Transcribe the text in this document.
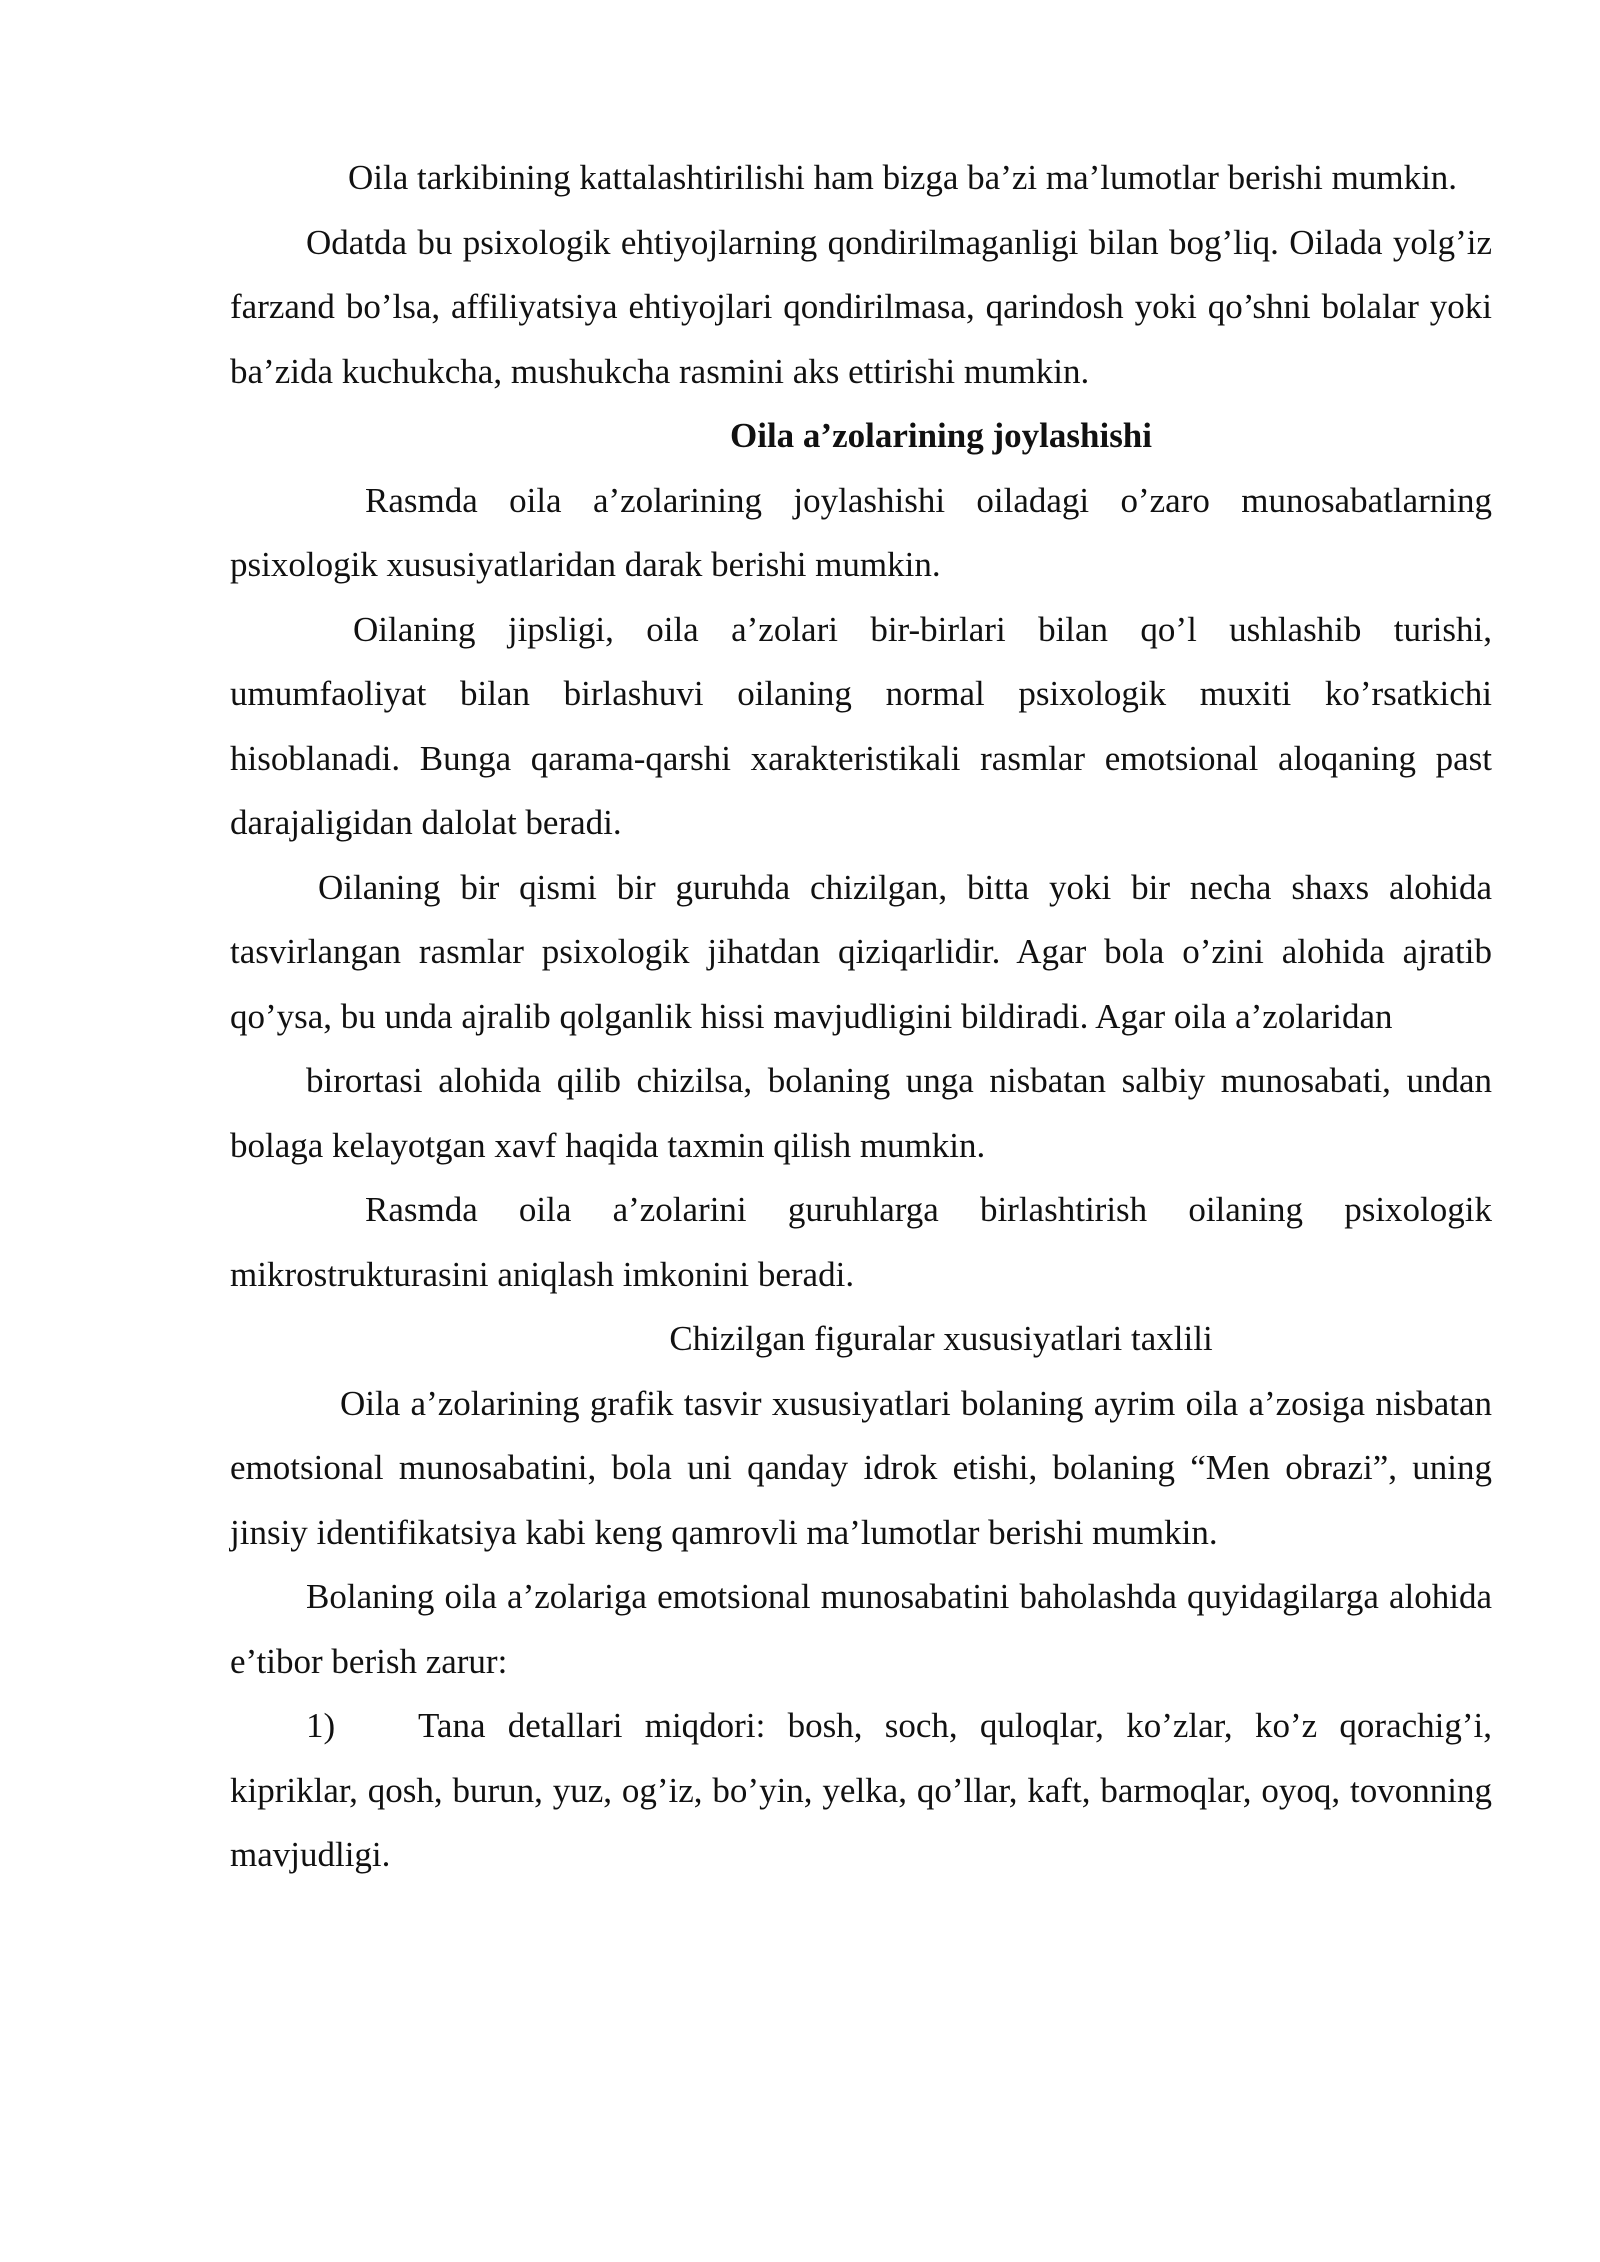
Oila tarkibining kattalashtirilishi ham bizga ba’zi ma’lumotlar berishi mumkin.

Odatda bu psixologik ehtiyojlarning qondirilmaganligi bilan bog’liq. Oilada yolg’iz farzand bo’lsa, affiliyatsiya ehtiyojlari qondirilmasa, qarindosh yoki qo’shni bolalar yoki ba’zida kuchukcha, mushukcha rasmini aks ettirishi mumkin.

Oila a’zolarining joylashishi

Rasmda oila a’zolarining joylashishi oiladagi o’zaro munosabatlarning psixologik xususiyatlaridan darak berishi mumkin.

Oilaning jipsligi, oila a’zolari bir-birlari bilan qo’l ushlashib turishi, umumfaoliyat bilan birlashuvi oilaning normal psixologik muxiti ko’rsatkichi hisoblanadi. Bunga qarama-qarshi xarakteristikali rasmlar emotsional aloqaning past darajaligidan dalolat beradi.

Oilaning bir qismi bir guruhda chizilgan, bitta yoki bir necha shaxs alohida tasvirlangan rasmlar psixologik jihatdan qiziqarlidir. Agar bola o’zini alohida ajratib qo’ysa, bu unda ajralib qolganlik hissi mavjudligini bildiradi. Agar oila a’zolaridan

birortasi alohida qilib chizilsa, bolaning unga nisbatan salbiy munosabati, undan bolaga kelayotgan xavf haqida taxmin qilish mumkin.

Rasmda oila a’zolarini guruhlarga birlashtirish oilaning psixologik mikrostrukturasini aniqlash imkonini beradi.

Chizilgan figuralar xususiyatlari taxlili

Oila a’zolarining grafik tasvir xususiyatlari bolaning ayrim oila a’zosiga nisbatan emotsional munosabatini, bola uni qanday idrok etishi, bolaning “Men obrazi”, uning jinsiy identifikatsiya kabi keng qamrovli ma’lumotlar berishi mumkin.

Bolaning oila a’zolariga emotsional munosabatini baholashda quyidagilarga alohida e’tibor berish zarur:

1) Tana detallari miqdori: bosh, soch, quloqlar, ko’zlar, ko’z qorachig’i, kipriklar, qosh, burun, yuz, og’iz, bo’yin, yelka, qo’llar, kaft, barmoqlar, oyoq, tovonning mavjudligi.
